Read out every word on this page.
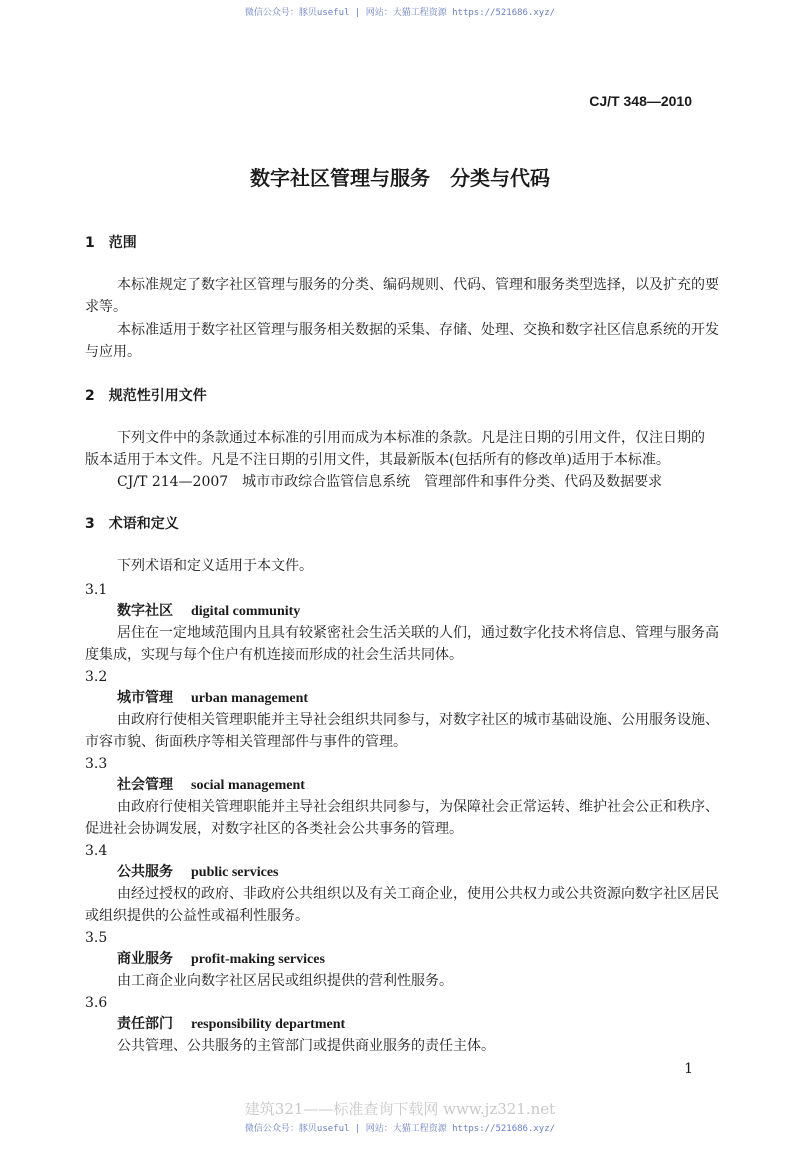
微信公众号：豚贝useful | 网站：大猫工程资源 https://521686.xyz/
CJ/T 348—2010
数字社区管理与服务　分类与代码
1　范围
本标准规定了数字社区管理与服务的分类、编码规则、代码、管理和服务类型选择，以及扩充的要
求等。
本标准适用于数字社区管理与服务相关数据的采集、存储、处理、交换和数字社区信息系统的开发
与应用。
2　规范性引用文件
下列文件中的条款通过本标准的引用而成为本标准的条款。凡是注日期的引用文件，仅注日期的
版本适用于本文件。凡是不注日期的引用文件，其最新版本(包括所有的修改单)适用于本标准。
CJ/T 214—2007　城市市政综合监管信息系统　管理部件和事件分类、代码及数据要求
3　术语和定义
下列术语和定义适用于本文件。
3.1
数字社区 digital community
居住在一定地域范围内且具有较紧密社会生活关联的人们，通过数字化技术将信息、管理与服务高
度集成，实现与每个住户有机连接而形成的社会生活共同体。
3.2
城市管理 urban management
由政府行使相关管理职能并主导社会组织共同参与，对数字社区的城市基础设施、公用服务设施、
市容市貌、街面秩序等相关管理部件与事件的管理。
3.3
社会管理 social management
由政府行使相关管理职能并主导社会组织共同参与，为保障社会正常运转、维护社会公正和秩序、
促进社会协调发展，对数字社区的各类社会公共事务的管理。
3.4
公共服务 public services
由经过授权的政府、非政府公共组织以及有关工商企业，使用公共权力或公共资源向数字社区居民
或组织提供的公益性或福利性服务。
3.5
商业服务 profit-making services
由工商企业向数字社区居民或组织提供的营利性服务。
3.6
责任部门 responsibility department
公共管理、公共服务的主管部门或提供商业服务的责任主体。
1
建筑321——标准查询下载网 www.jz321.net
微信公众号：豚贝useful | 网站：大猫工程资源 https://521686.xyz/
